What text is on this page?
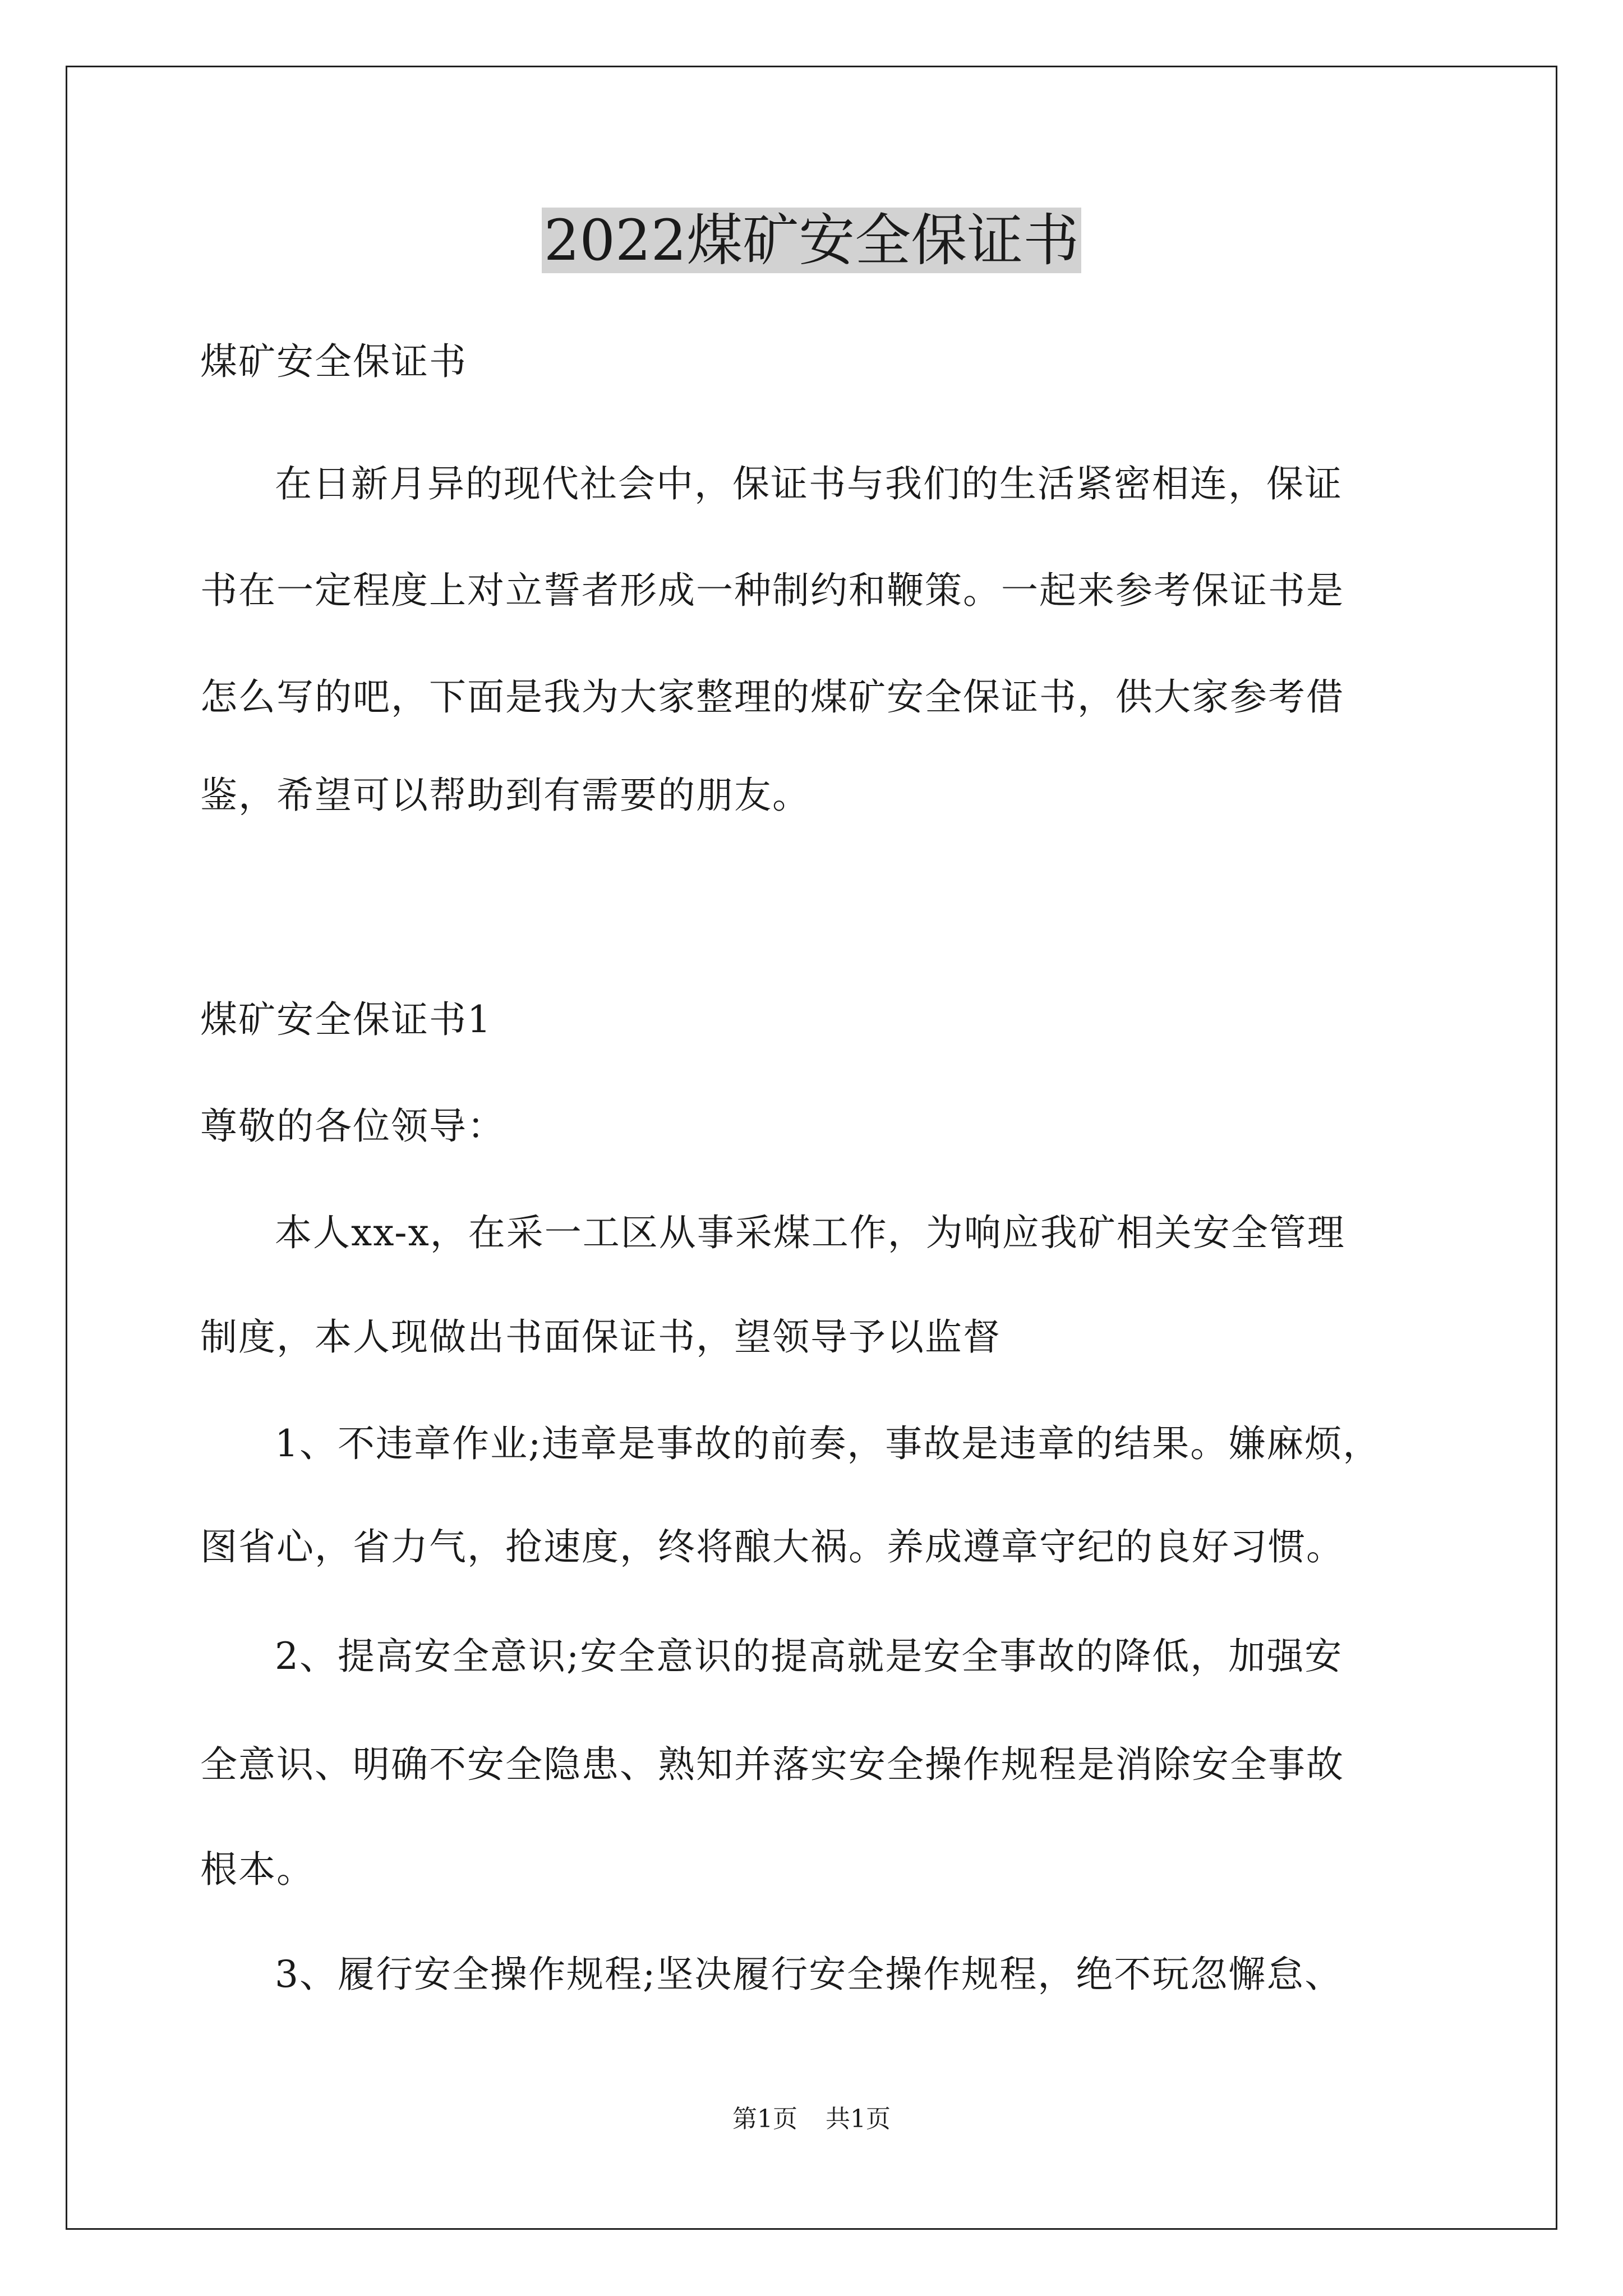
2022煤矿安全保证书

煤矿安全保证书

在日新月异的现代社会中，保证书与我们的生活紧密相连，保证

书在一定程度上对立誓者形成一种制约和鞭策。一起来参考保证书是

怎么写的吧，下面是我为大家整理的煤矿安全保证书，供大家参考借

鉴，希望可以帮助到有需要的朋友。

煤矿安全保证书1

尊敬的各位领导：

本人xx-x，在采一工区从事采煤工作，为响应我矿相关安全管理

制度，本人现做出书面保证书，望领导予以监督

1、不违章作业;违章是事故的前奏，事故是违章的结果。嫌麻烦，

图省心，省力气，抢速度，终将酿大祸。养成遵章守纪的良好习惯。

2、提高安全意识;安全意识的提高就是安全事故的降低，加强安

全意识、明确不安全隐患、熟知并落实安全操作规程是消除安全事故

根本。

3、履行安全操作规程;坚决履行安全操作规程，绝不玩忽懈怠、

第1页 共1页
